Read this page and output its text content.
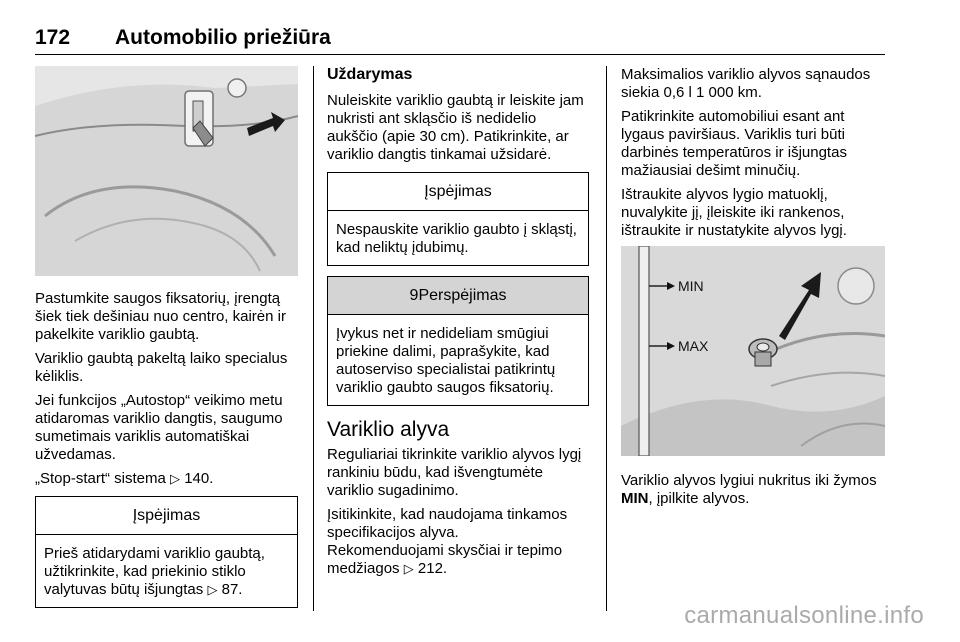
172 Automobilio priežiūra

Pastumkite saugos fiksatorių, įrengtą šiek tiek dešiniau nuo centro, kairėn ir pakelkite variklio gaubtą.

Variklio gaubtą pakeltą laiko specialus kėliklis.

Jei funkcijos „Autostop“ veikimo metu atidaromas variklio dangtis, saugumo sumetimais variklis automatiškai užvedamas.

„Stop-start“ sistema ▷ 140.

Įspėjimas
Prieš atidarydami variklio gaubtą, užtikrinkite, kad priekinio stiklo valytuvas būtų išjungtas ▷ 87.
Uždarymas

Nuleiskite variklio gaubtą ir leiskite jam nukristi ant skląsčio iš nedidelio aukščio (apie 30 cm). Patikrinkite, ar variklio dangtis tinkamai užsidarė.

Įspėjimas
Nespauskite variklio gaubto į skląstį, kad neliktų įdubimų.
9Perspėjimas
Įvykus net ir nedideliam smūgiui priekine dalimi, paprašykite, kad autoserviso specialistai patikrintų variklio gaubto saugos fiksatorių.
Variklio alyva

Reguliariai tikrinkite variklio alyvos lygį rankiniu būdu, kad išvengtumėte variklio sugadinimo.

Įsitikinkite, kad naudojama tinkamos specifikacijos alyva.

Rekomenduojami skysčiai ir tepimo medžiagos ▷ 212.

Maksimalios variklio alyvos sąnaudos siekia 0,6 l 1 000 km.

Patikrinkite automobiliui esant ant lygaus paviršiaus. Variklis turi būti darbinės temperatūros ir išjungtas mažiausiai dešimt minučių.

Ištraukite alyvos lygio matuoklį, nuvalykite jį, įleiskite iki rankenos, ištraukite ir nustatykite alyvos lygį.

MIN
MAX

Variklio alyvos lygiui nukritus iki žymos MIN, įpilkite alyvos.

carmanualsonline.info
